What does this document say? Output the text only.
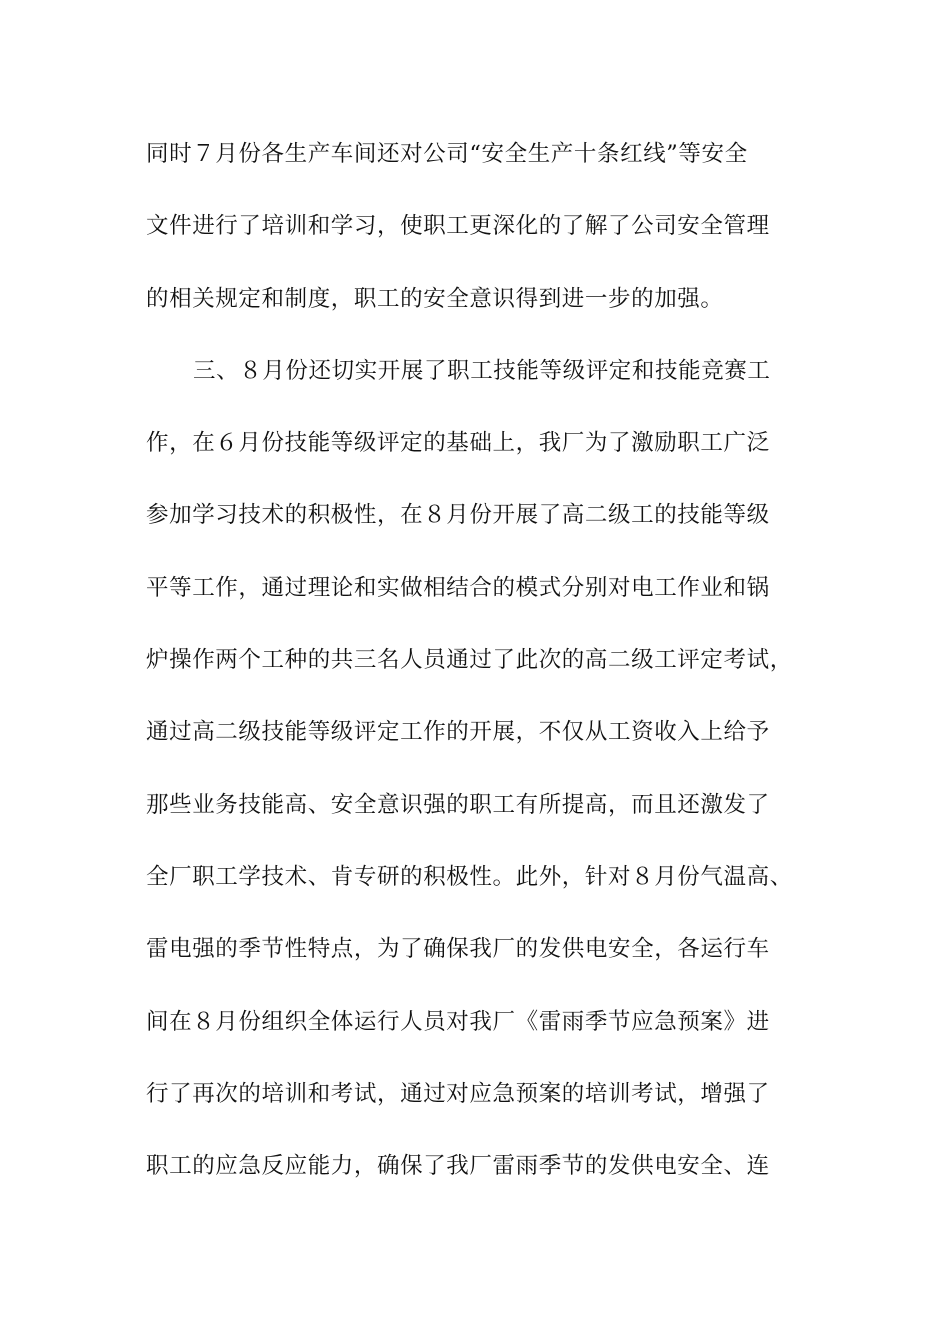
同时７月份各生产车间还对公司“安全生产十条红线”等安全
文件进行了培训和学习，使职工更深化的了解了公司安全管理
的相关规定和制度，职工的安全意识得到进一步的加强。
三、８月份还切实开展了职工技能等级评定和技能竞赛工
作，在６月份技能等级评定的基础上，我厂为了激励职工广泛
参加学习技术的积极性，在８月份开展了高二级工的技能等级
平等工作，通过理论和实做相结合的模式分别对电工作业和锅
炉操作两个工种的共三名人员通过了此次的高二级工评定考试，
通过高二级技能等级评定工作的开展，不仅从工资收入上给予
那些业务技能高、安全意识强的职工有所提高，而且还激发了
全厂职工学技术、肯专研的积极性。此外，针对８月份气温高、
雷电强的季节性特点，为了确保我厂的发供电安全，各运行车
间在８月份组织全体运行人员对我厂《雷雨季节应急预案》进
行了再次的培训和考试，通过对应急预案的培训考试，增强了
职工的应急反应能力，确保了我厂雷雨季节的发供电安全、连
